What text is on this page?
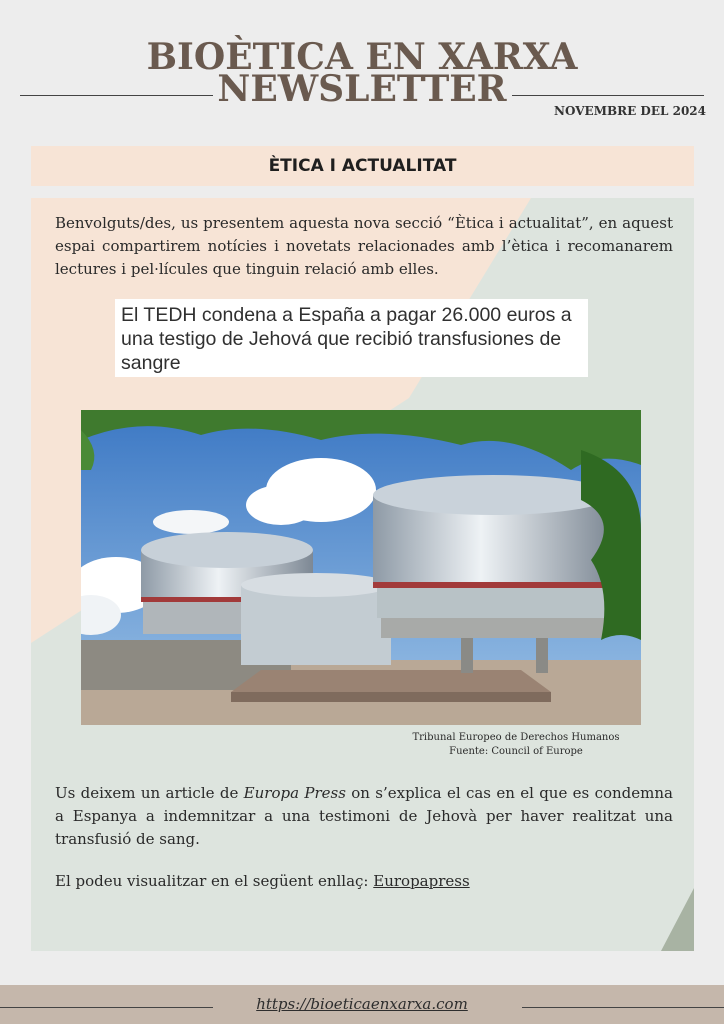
BIOÈTICA EN XARXA
NEWSLETTER
NOVEMBRE DEL 2024
ÈTICA I ACTUALITAT
Benvolguts/des, us presentem aquesta nova secció “Ètica i actualitat”, en aquest espai compartirem notícies i novetats relacionades amb l’ètica i recomanarem lectures i pel·lícules que tinguin relació amb elles.
El TEDH condena a España a pagar 26.000 euros a una testigo de Jehová que recibió transfusiones de sangre
Tribunal Europeo de Derechos Humanos
Fuente: Council of Europe
Us deixem un article de Europa Press on s’explica el cas en el que es condemna a Espanya a indemnitzar a una testimoni de Jehovà per haver realitzat una transfusió de sang.
El podeu visualitzar en el següent enllaç: Europapress
https://bioeticaenxarxa.com
